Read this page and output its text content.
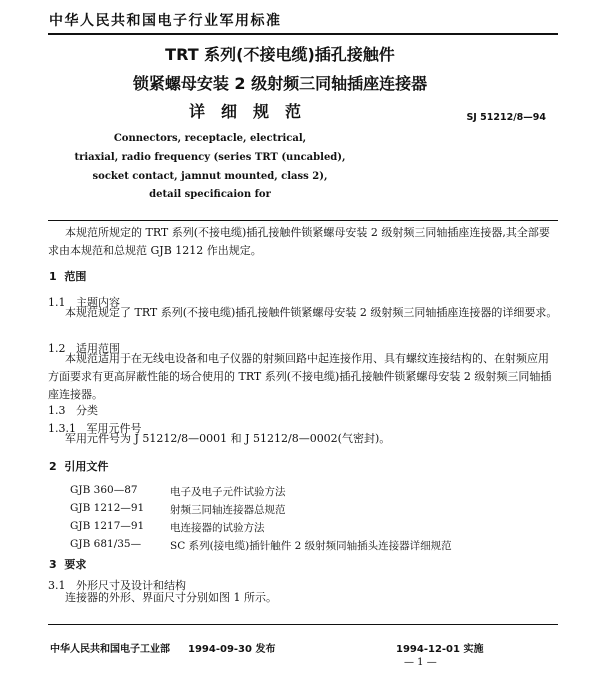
中华人民共和国电子行业军用标准
TRT 系列(不接电缆)插孔接触件
锁紧螺母安装 2 级射频三同轴插座连接器
详　细　规　范	SJ 51212/8—94
Connectors, receptacle, electrical,
triaxial, radio frequency (series TRT (uncabled),
socket contact, jamnut mounted, class 2),
detail specificaion for
本规范所规定的 TRT 系列(不接电缆)插孔接触件锁紧螺母安装 2 级射频三同轴插座连接器,其全部要求由本规范和总规范 GJB 1212 作出规定。
1 范围
1.1 主题内容
本规范规定了 TRT 系列(不接电缆)插孔接触件锁紧螺母安装 2 级射频三同轴插座连接器的详细要求。
1.2 适用范围
本规范适用于在无线电设备和电子仪器的射频回路中起连接作用、具有螺纹连接结构的、在射频应用方面要求有更高屏蔽性能的场合使用的 TRT 系列(不接电缆)插孔接触件锁紧螺母安装 2 级射频三同轴插座连接器。
1.3 分类
1.3.1 军用元件号
军用元件号为 J 51212/8—0001 和 J 51212/8—0002(气密封)。
2 引用文件
GJB 360—87	电子及电子元件试验方法
GJB 1212—91 射频三同轴连接器总规范
GJB 1217—91 电连接器的试验方法
GJB 681/35—	SC 系列(接电缆)插针触件 2 级射频同轴插头连接器详细规范
3 要求
3.1 外形尺寸及设计和结构
连接器的外形、界面尺寸分别如图 1 所示。
中华人民共和国电子工业部 1994-09-30 发布	1994-12-01 实施
— 1 —
